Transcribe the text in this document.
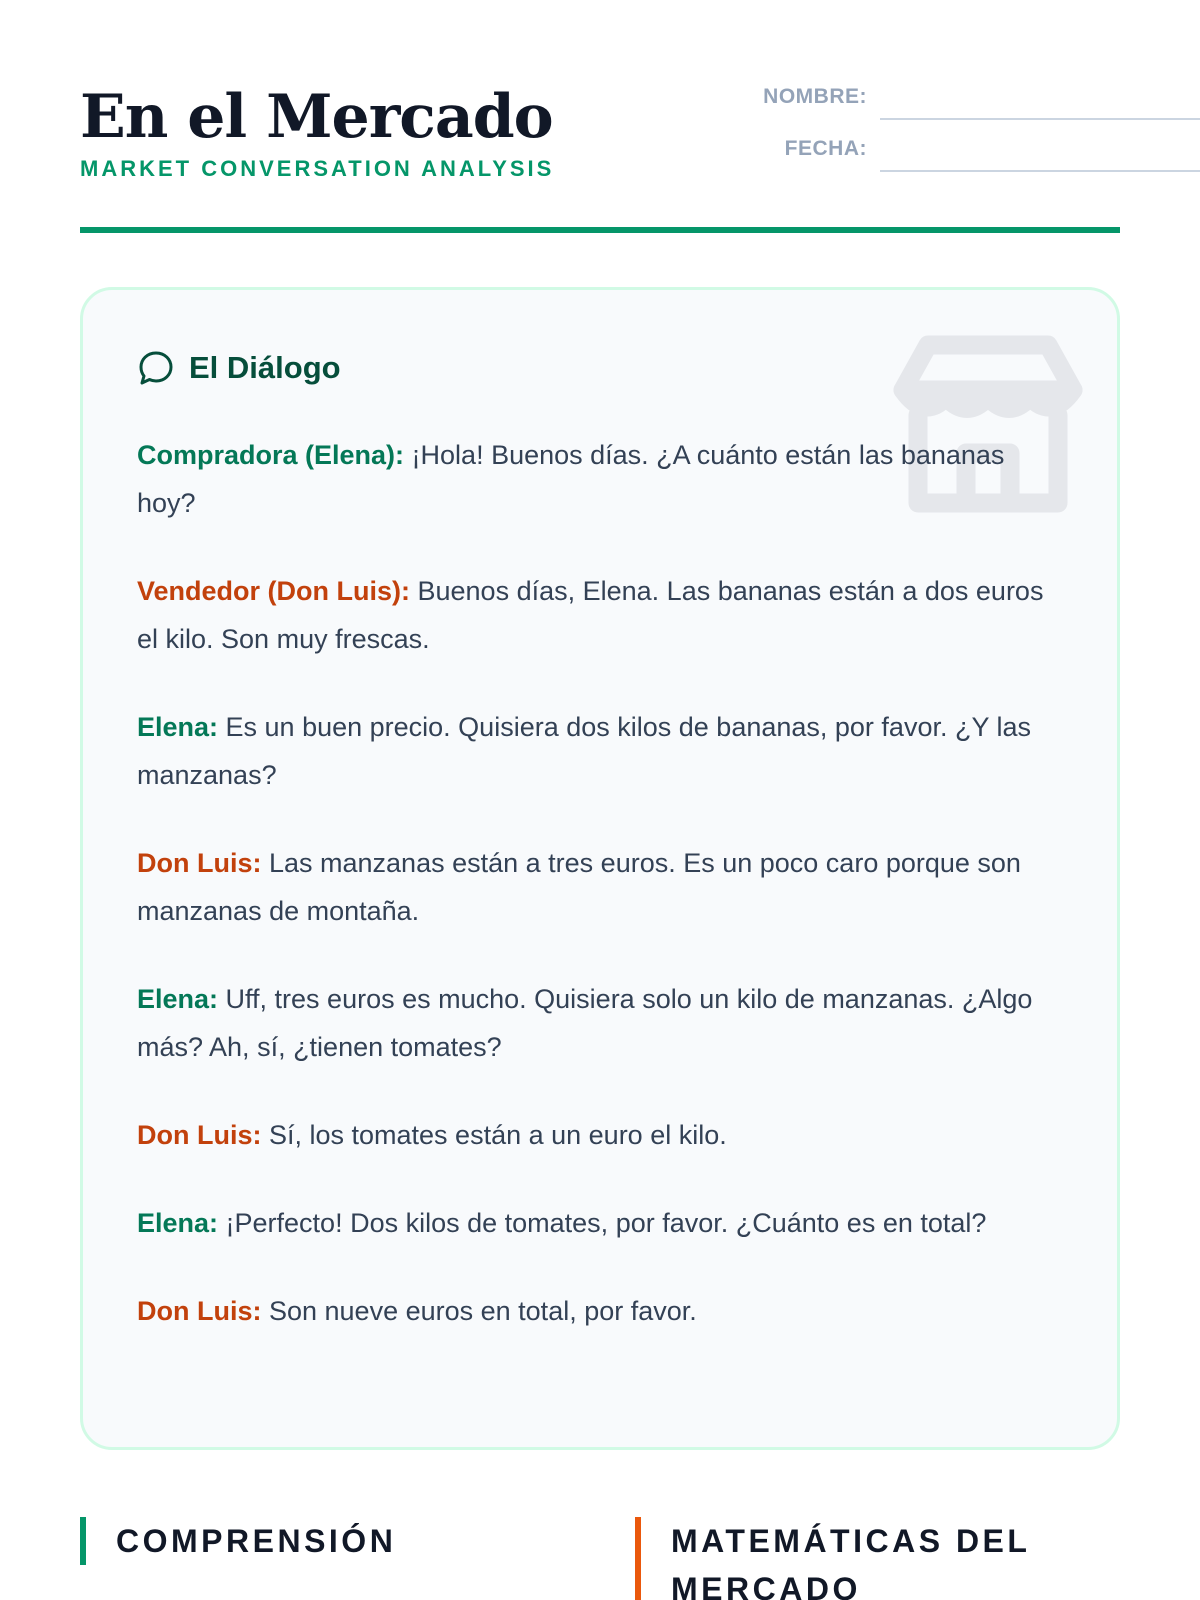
En el Mercado
MARKET CONVERSATION ANALYSIS
NOMBRE:
FECHA:
El Diálogo

Compradora (Elena): ¡Hola! Buenos días. ¿A cuánto están las bananas hoy?

Vendedor (Don Luis): Buenos días, Elena. Las bananas están a dos euros el kilo. Son muy frescas.

Elena: Es un buen precio. Quisiera dos kilos de bananas, por favor. ¿Y las manzanas?

Don Luis: Las manzanas están a tres euros. Es un poco caro porque son manzanas de montaña.

Elena: Uff, tres euros es mucho. Quisiera solo un kilo de manzanas. ¿Algo más? Ah, sí, ¿tienen tomates?

Don Luis: Sí, los tomates están a un euro el kilo.

Elena: ¡Perfecto! Dos kilos de tomates, por favor. ¿Cuánto es en total?

Don Luis: Son nueve euros en total, por favor.

COMPRENSIÓN	MATEMÁTICAS DEL MERCADO
